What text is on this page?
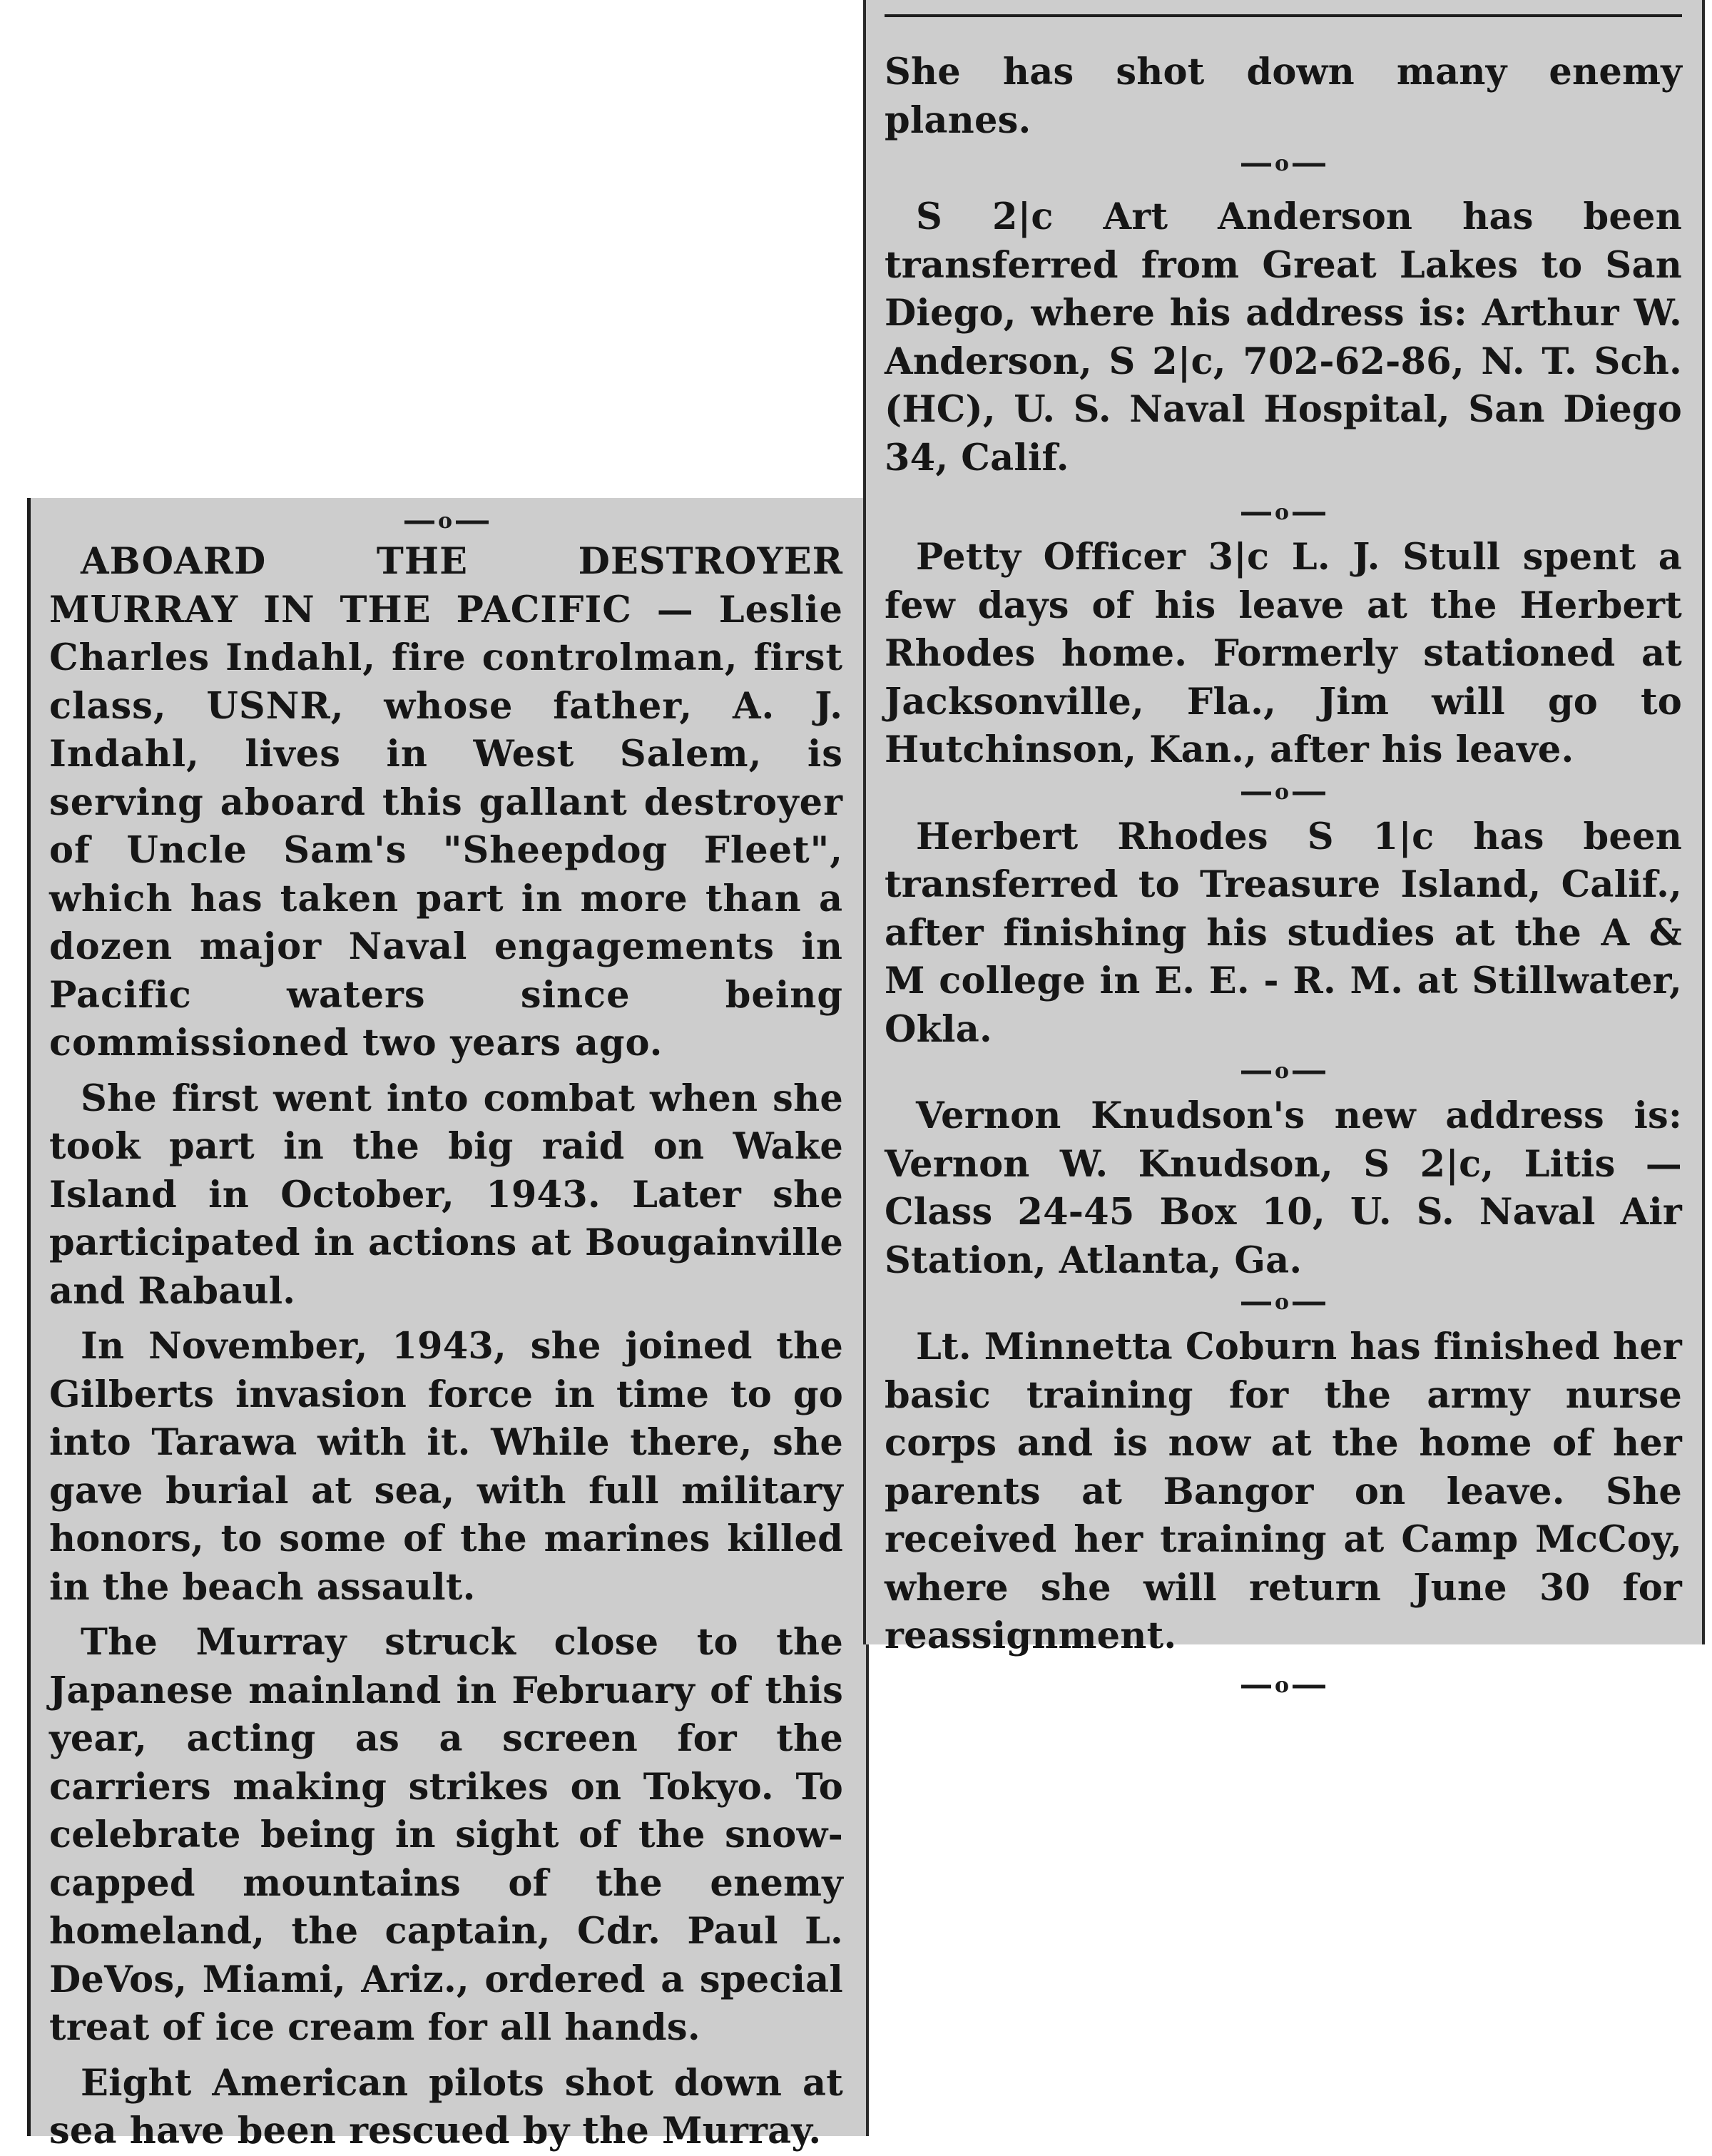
o

ABOARD THE DESTROYER MURRAY IN THE PACIFIC — Leslie Charles Indahl, fire controlman, first class, USNR, whose father, A. J. Indahl, lives in West Salem, is serving aboard this gallant destroyer of Uncle Sam's "Sheepdog Fleet", which has taken part in more than a dozen major Naval engagements in Pacific waters since being commissioned two years ago.

She first went into combat when she took part in the big raid on Wake Island in October, 1943. Later she participated in actions at Bougainville and Rabaul.

In November, 1943, she joined the Gilberts invasion force in time to go into Tarawa with it. While there, she gave burial at sea, with full military honors, to some of the marines killed in the beach assault.

The Murray struck close to the Japanese mainland in February of this year, acting as a screen for the carriers making strikes on Tokyo. To celebrate being in sight of the snow-capped mountains of the enemy homeland, the captain, Cdr. Paul L. DeVos, Miami, Ariz., ordered a special treat of ice cream for all hands.

Eight American pilots shot down at sea have been rescued by the Murray.

She has shot down many enemy planes.

o

S 2|c Art Anderson has been transferred from Great Lakes to San Diego, where his address is: Arthur W. Anderson, S 2|c, 702-62-86, N. T. Sch. (HC), U. S. Naval Hospital, San Diego 34, Calif.

o

Petty Officer 3|c L. J. Stull spent a few days of his leave at the Herbert Rhodes home. Formerly stationed at Jacksonville, Fla., Jim will go to Hutchinson, Kan., after his leave.

o

Herbert Rhodes S 1|c has been transferred to Treasure Island, Calif., after finishing his studies at the A & M college in E. E. - R. M. at Stillwater, Okla.

o

Vernon Knudson's new address is: Vernon W. Knudson, S 2|c, Litis — Class 24-45 Box 10, U. S. Naval Air Station, Atlanta, Ga.

o

Lt. Minnetta Coburn has finished her basic training for the army nurse corps and is now at the home of her parents at Bangor on leave. She received her training at Camp McCoy, where she will return June 30 for reassignment.

o
